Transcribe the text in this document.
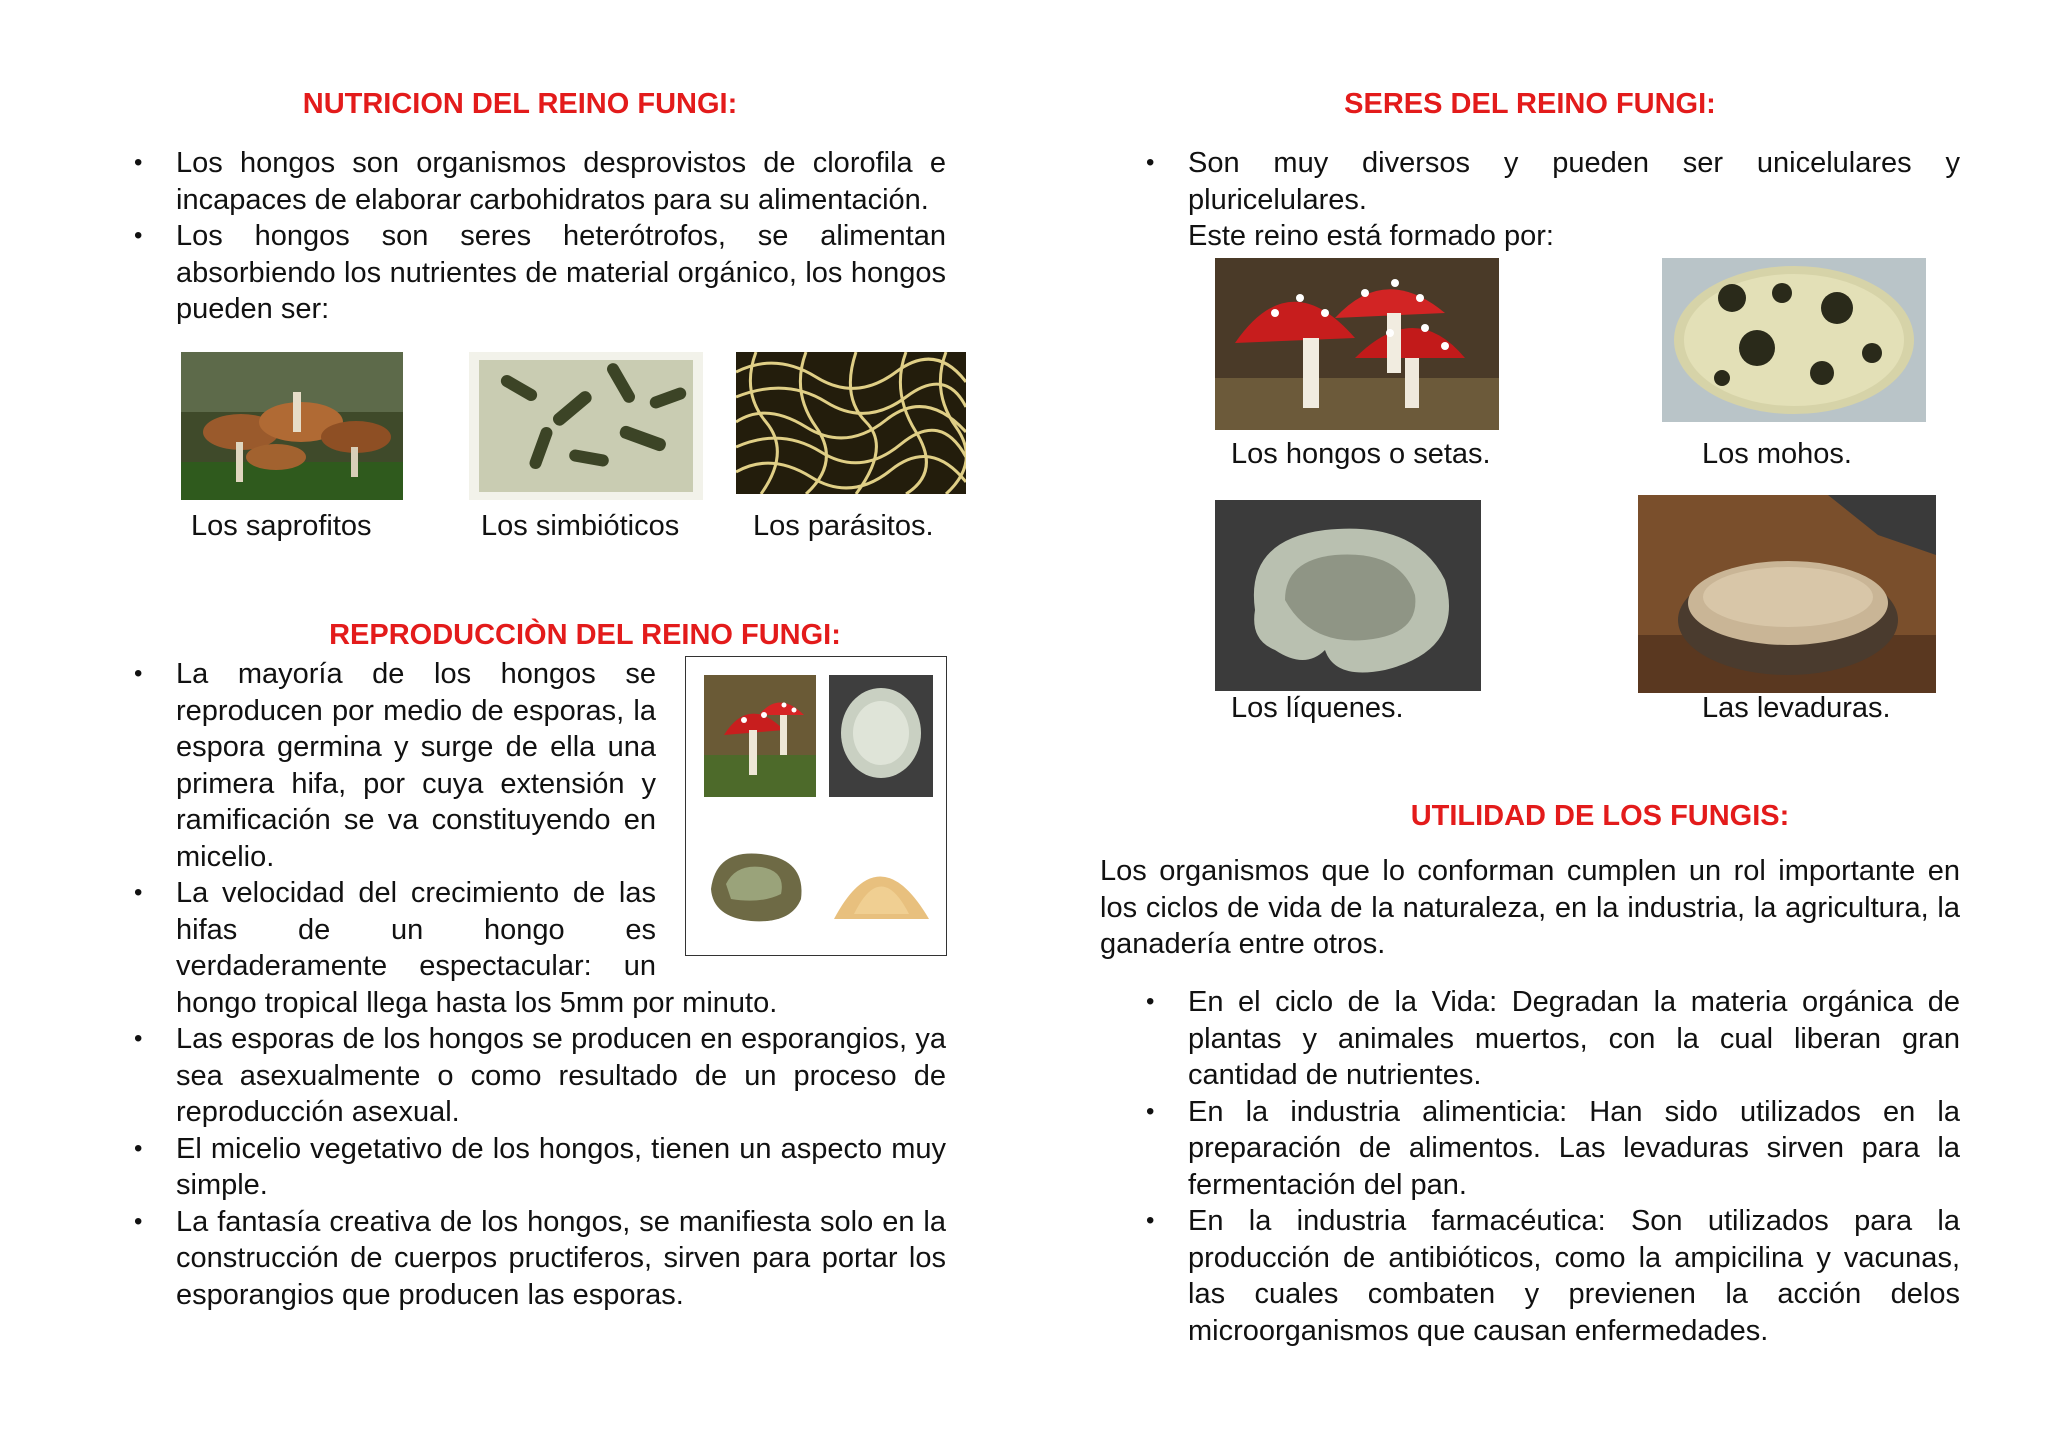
NUTRICION DEL REINO FUNGI:
• Los hongos son organismos desprovistos de clorofila e incapaces de elaborar carbohidratos para su alimentación.
• Los hongos son seres heterótrofos, se alimentan absorbiendo los nutrientes de material orgánico, los hongos pueden ser:
Los saprofitos	Los simbióticos	Los parásitos.
REPRODUCCIÒN DEL REINO FUNGI:
• La mayoría de los hongos se reproducen por medio de esporas, la espora germina y surge de ella una primera hifa, por cuya extensión y ramificación se va constituyendo en micelio.
• La velocidad del crecimiento de las hifas de un hongo es verdaderamente espectacular: un hongo tropical llega hasta los 5mm por minuto.
• Las esporas de los hongos se producen en esporangios, ya sea asexualmente o como resultado de un proceso de reproducción asexual.
• El micelio vegetativo de los hongos, tienen un aspecto muy simple.
• La fantasía creativa de los hongos, se manifiesta solo en la construcción de cuerpos pructiferos, sirven para portar los esporangios que producen las esporas.
SERES DEL REINO FUNGI:
• Son muy diversos y pueden ser unicelulares y pluricelulares.
Este reino está formado por:
Los hongos o setas.	Los mohos.
Los líquenes.	Las levaduras.
UTILIDAD DE LOS FUNGIS:
Los organismos que lo conforman cumplen un rol importante en los ciclos de vida de la naturaleza, en la industria, la agricultura, la ganadería entre otros.
• En el ciclo de la Vida: Degradan la materia orgánica de plantas y animales muertos, con la cual liberan gran cantidad de nutrientes.
• En la industria alimenticia: Han sido utilizados en la preparación de alimentos. Las levaduras sirven para la fermentación del pan.
• En la industria farmacéutica: Son utilizados para la producción de antibióticos, como la ampicilina y vacunas, las cuales combaten y previenen la acción delos microorganismos que causan enfermedades.
